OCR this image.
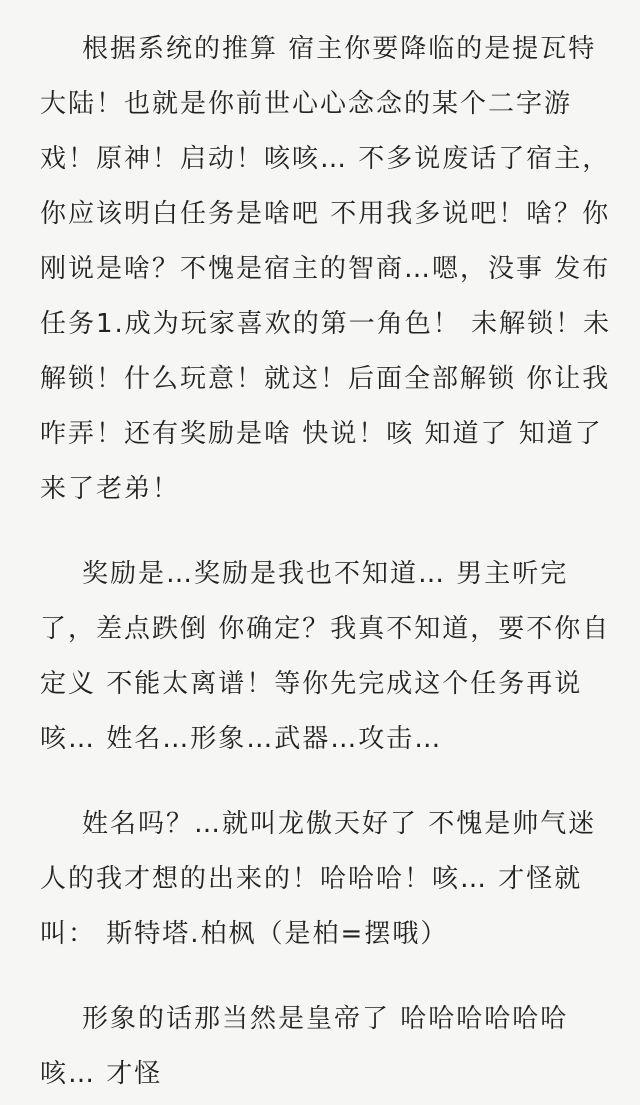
根据系统的推算 宿主你要降临的是提瓦特大陆！也就是你前世心心念念的某个二字游戏！原神！启动！咳咳… 不多说废话了宿主，你应该明白任务是啥吧 不用我多说吧！啥？你刚说是啥？不愧是宿主的智商…嗯，没事 发布任务1.成为玩家喜欢的第一角色！ 未解锁！未解锁！什么玩意！就这！后面全部解锁 你让我咋弄！还有奖励是啥 快说！咳 知道了 知道了 来了老弟！

奖励是…奖励是我也不知道… 男主听完了，差点跌倒 你确定？我真不知道，要不你自定义 不能太离谱！等你先完成这个任务再说 咳… 姓名…形象…武器…攻击…

姓名吗？…就叫龙傲天好了 不愧是帅气迷人的我才想的出来的！哈哈哈！咳… 才怪就叫： 斯特塔.柏枫（是柏=摆哦）

形象的话那当然是皇帝了 哈哈哈哈哈哈咳… 才怪
